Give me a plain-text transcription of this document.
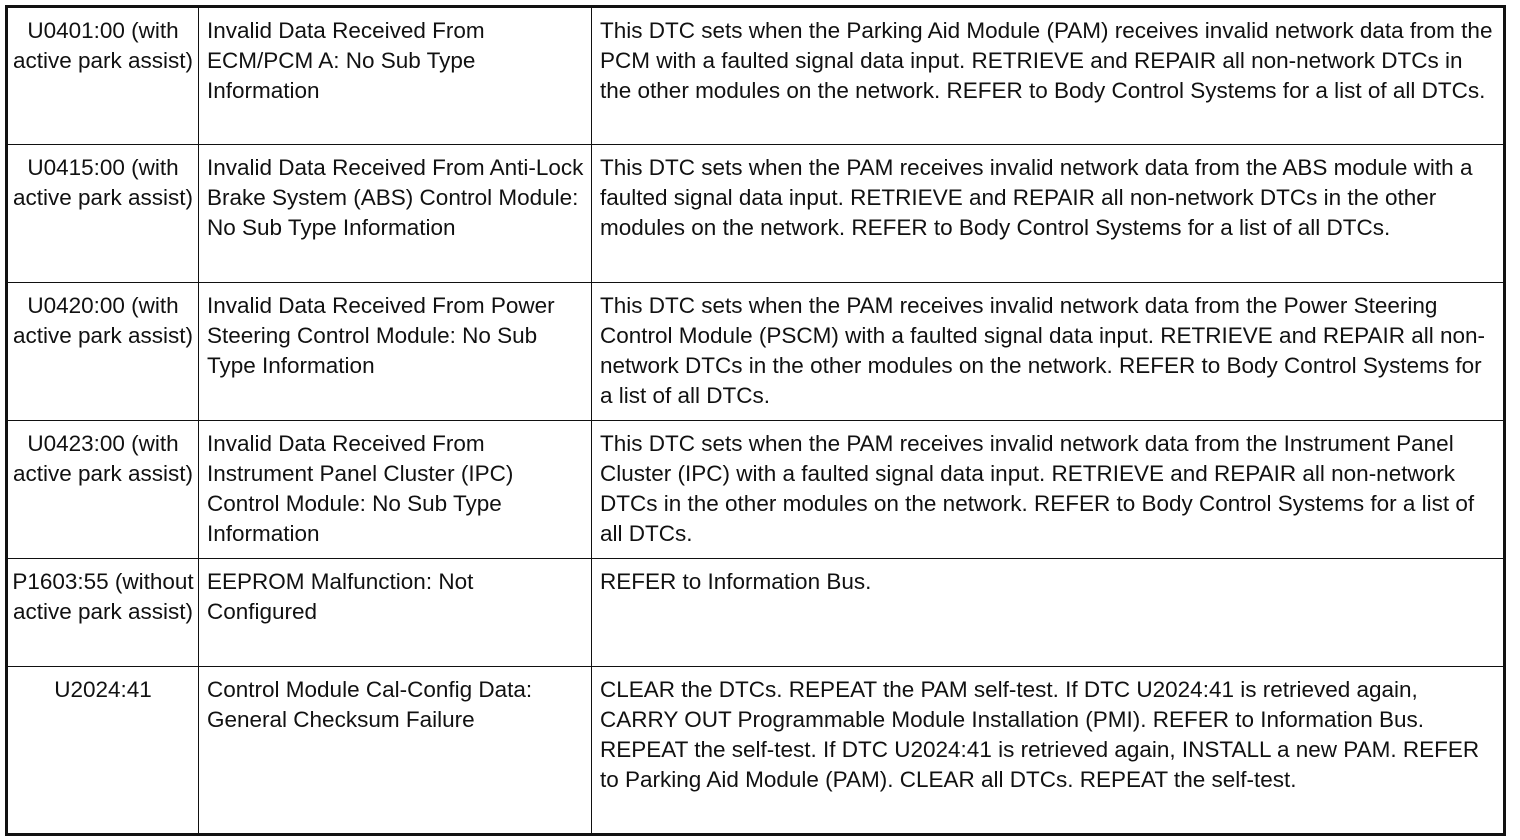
U0401:00 (with active park assist)	Invalid Data Received From ECM/PCM A: No Sub Type Information	This DTC sets when the Parking Aid Module (PAM) receives invalid network data from the PCM with a faulted signal data input. RETRIEVE and REPAIR all non-network DTCs in the other modules on the network. REFER to Body Control Systems for a list of all DTCs.
U0415:00 (with active park assist)	Invalid Data Received From Anti-Lock Brake System (ABS) Control Module: No Sub Type Information	This DTC sets when the PAM receives invalid network data from the ABS module with a faulted signal data input. RETRIEVE and REPAIR all non-network DTCs in the other modules on the network. REFER to Body Control Systems for a list of all DTCs.
U0420:00 (with active park assist)	Invalid Data Received From Power Steering Control Module: No Sub Type Information	This DTC sets when the PAM receives invalid network data from the Power Steering Control Module (PSCM) with a faulted signal data input. RETRIEVE and REPAIR all non-network DTCs in the other modules on the network. REFER to Body Control Systems for a list of all DTCs.
U0423:00 (with active park assist)	Invalid Data Received From Instrument Panel Cluster (IPC) Control Module: No Sub Type Information	This DTC sets when the PAM receives invalid network data from the Instrument Panel Cluster (IPC) with a faulted signal data input. RETRIEVE and REPAIR all non-network DTCs in the other modules on the network. REFER to Body Control Systems for a list of all DTCs.
P1603:55 (without active park assist)	EEPROM Malfunction: Not Configured	REFER to Information Bus.
U2024:41	Control Module Cal-Config Data: General Checksum Failure	CLEAR the DTCs. REPEAT the PAM self-test. If DTC U2024:41 is retrieved again, CARRY OUT Programmable Module Installation (PMI). REFER to Information Bus. REPEAT the self-test. If DTC U2024:41 is retrieved again, INSTALL a new PAM. REFER to Parking Aid Module (PAM). CLEAR all DTCs. REPEAT the self-test.
